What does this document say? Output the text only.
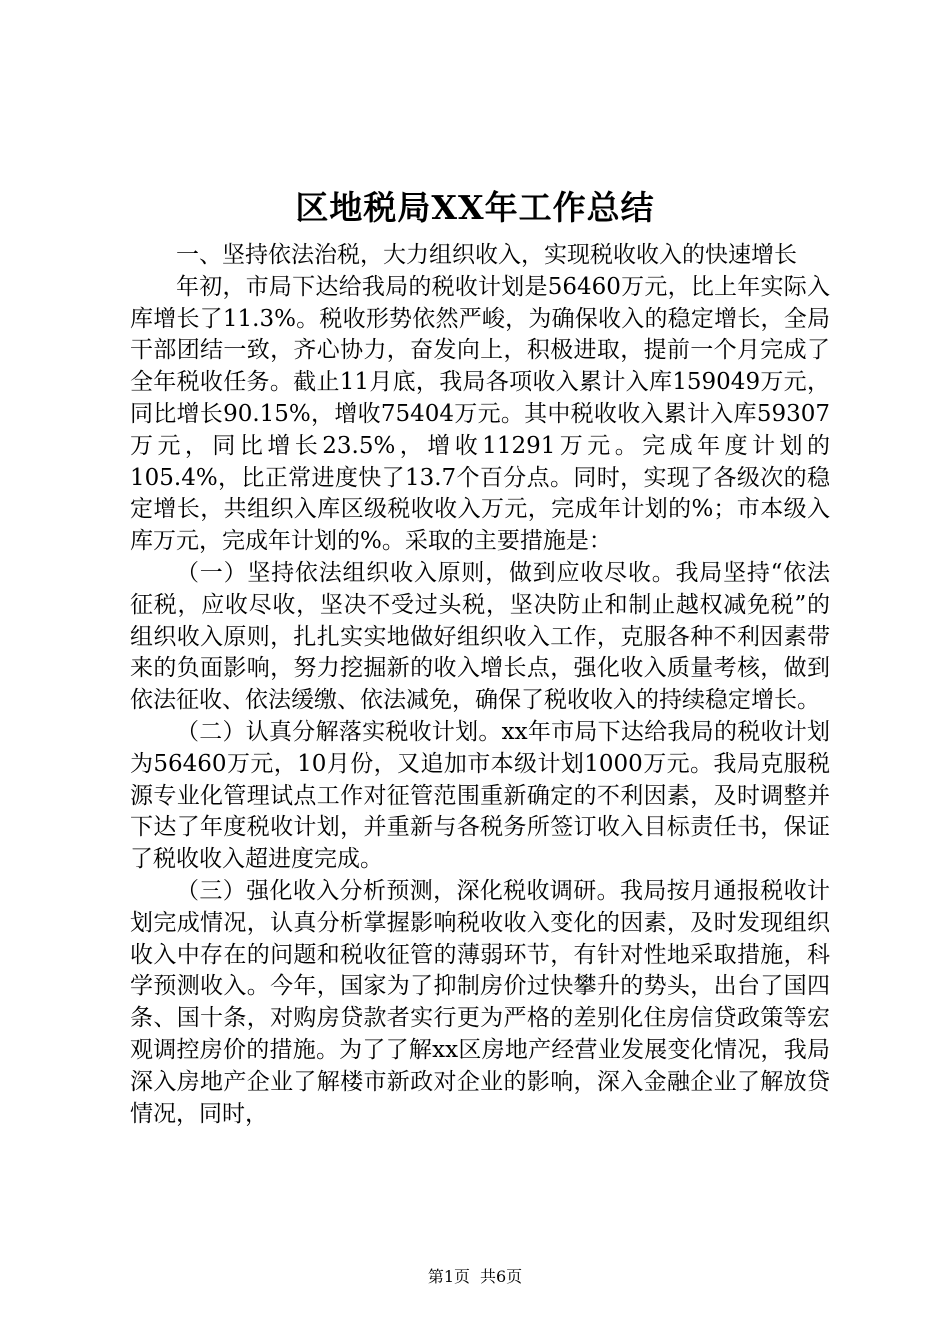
区地税局XX年工作总结

一、坚持依法治税，大力组织收入，实现税收收入的快速增长

年初，市局下达给我局的税收计划是56460万元，比上年实际入库增长了11.3%。税收形势依然严峻，为确保收入的稳定增长，全局干部团结一致，齐心协力，奋发向上，积极进取，提前一个月完成了全年税收任务。截止11月底，我局各项收入累计入库159049万元，同比增长90.15%，增收75404万元。其中税收收入累计入库59307万元，同比增长23.5%，增收11291万元。完成年度计划的105.4%，比正常进度快了13.7个百分点。同时，实现了各级次的稳定增长，共组织入库区级税收收入万元，完成年计划的%；市本级入库万元，完成年计划的%。采取的主要措施是：

（一）坚持依法组织收入原则，做到应收尽收。我局坚持“依法征税，应收尽收，坚决不受过头税，坚决防止和制止越权减免税”的组织收入原则，扎扎实实地做好组织收入工作，克服各种不利因素带来的负面影响，努力挖掘新的收入增长点，强化收入质量考核，做到依法征收、依法缓缴、依法减免，确保了税收收入的持续稳定增长。

（二）认真分解落实税收计划。xx年市局下达给我局的税收计划为56460万元，10月份，又追加市本级计划1000万元。我局克服税源专业化管理试点工作对征管范围重新确定的不利因素，及时调整并下达了年度税收计划，并重新与各税务所签订收入目标责任书，保证了税收收入超进度完成。

（三）强化收入分析预测，深化税收调研。我局按月通报税收计划完成情况，认真分析掌握影响税收收入变化的因素，及时发现组织收入中存在的问题和税收征管的薄弱环节，有针对性地采取措施，科学预测收入。今年，国家为了抑制房价过快攀升的势头，出台了国四条、国十条，对购房贷款者实行更为严格的差别化住房信贷政策等宏观调控房价的措施。为了了解xx区房地产经营业发展变化情况，我局深入房地产企业了解楼市新政对企业的影响，深入金融企业了解放贷情况，同时，

第1页 共6页
